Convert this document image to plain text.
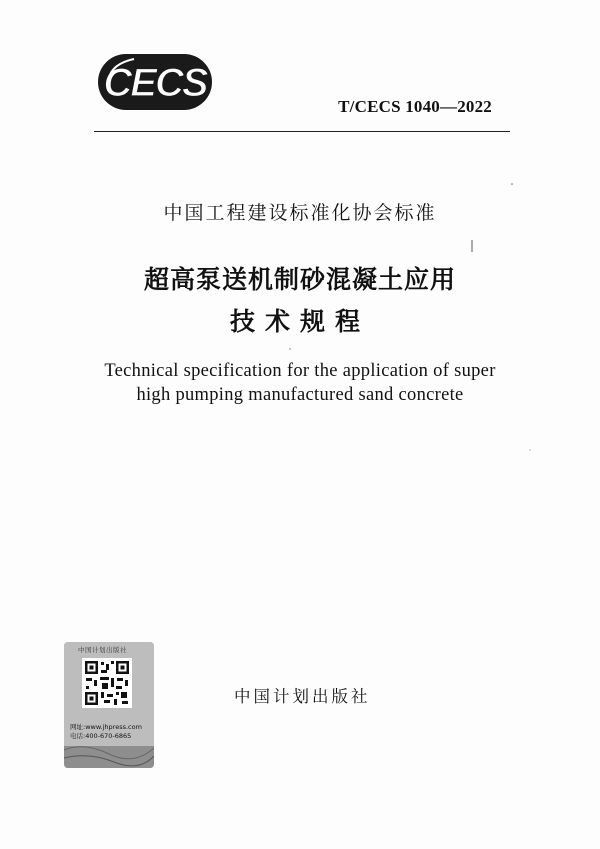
CECS
T/CECS 1040—2022
中国工程建设标准化协会标准
超高泵送机制砂混凝土应用
技术规程
Technical specification for the application of super
high pumping manufactured sand concrete
中国计划出版社
网址:www.jhpress.com
电话:400-670-6865
中国计划出版社
